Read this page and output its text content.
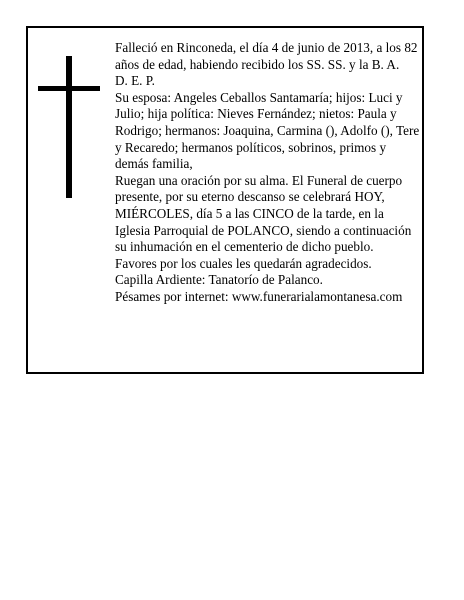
Falleció en Rinconeda, el día 4 de junio de 2013, a los 82 años de edad, habiendo recibido los SS. SS. y la B. A.

D. E. P.

Su esposa: Angeles Ceballos Santamaría; hijos: Luci y Julio; hija política: Nieves Fernández; nietos: Paula y Rodrigo; hermanos: Joaquina, Carmina (), Adolfo (), Tere y Recaredo; hermanos políticos, sobrinos, primos y demás familia,

Ruegan una oración por su alma. El Funeral de cuerpo presente, por su eterno descanso se celebrará HOY, MIÉRCOLES, día 5 a las CINCO de la tarde, en la Iglesia Parroquial de POLANCO, siendo a continuación su inhumación en el cementerio de dicho pueblo.

Favores por los cuales les quedarán agradecidos.

Capilla Ardiente: Tanatorío de Palanco.

Pésames por internet: www.funerarialamontanesa.com
